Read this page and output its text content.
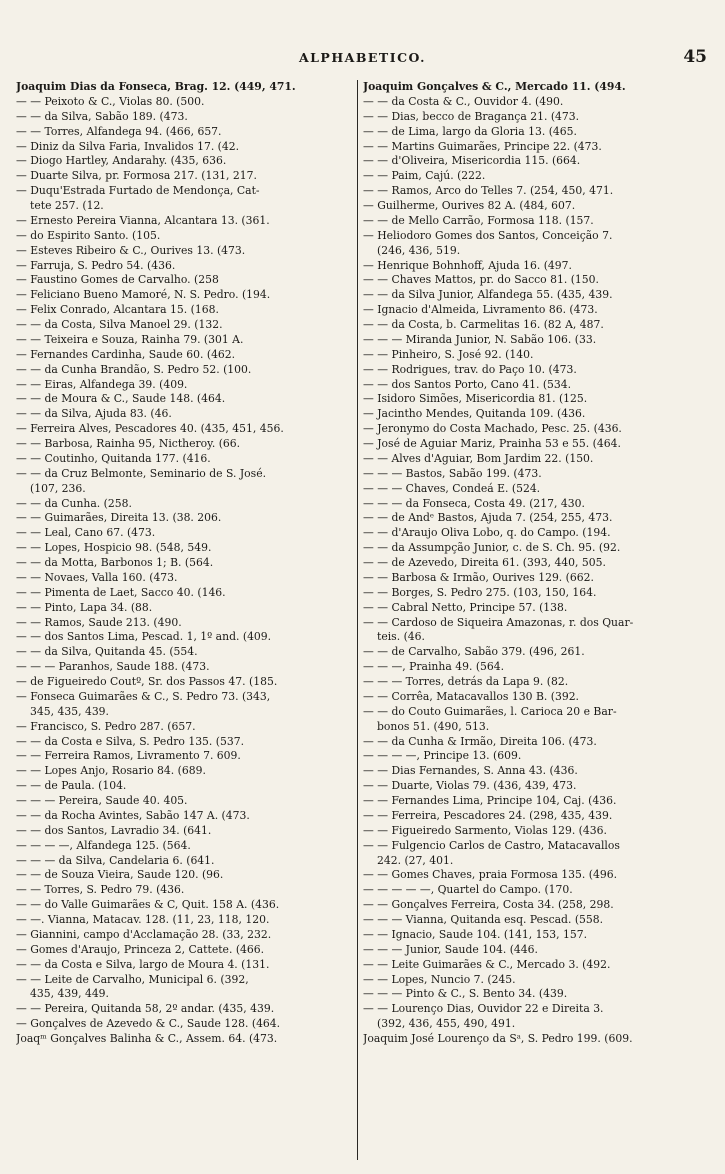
ALPHABETICO.	45
Joaquim Dias da Fonseca, Brag. 12. (449, 471.
— — Peixoto & C., Violas 80. (500.
— — da Silva, Sabão 189. (473.
— — Torres, Alfandega 94. (466, 657.
— Diniz da Silva Faria, Invalidos 17. (42.
— Diogo Hartley, Andarahy. (435, 636.
— Duarte Silva, pr. Formosa 217. (131, 217.
— Duqu'Estrada Furtado de Mendonça, Cat-
tete 257. (12.
— Ernesto Pereira Vianna, Alcantara 13. (361.
— do Espirito Santo. (105.
— Esteves Ribeiro & C., Ourives 13. (473.
— Farruja, S. Pedro 54. (436.
— Faustino Gomes de Carvalho. (258
— Feliciano Bueno Mamoré, N. S. Pedro. (194.
— Felix Conrado, Alcantara 15. (168.
— — da Costa, Silva Manoel 29. (132.
— — Teixeira e Souza, Rainha 79. (301 A.
— Fernandes Cardinha, Saude 60. (462.
— — da Cunha Brandão, S. Pedro 52. (100.
— — Eiras, Alfandega 39. (409.
— — de Moura & C., Saude 148. (464.
— — da Silva, Ajuda 83. (46.
— Ferreira Alves, Pescadores 40. (435, 451, 456.
— — Barbosa, Rainha 95, Nictheroy. (66.
— — Coutinho, Quitanda 177. (416.
— — da Cruz Belmonte, Seminario de S. José.
(107, 236.
— — da Cunha. (258.
— — Guimarães, Direita 13. (38. 206.
— — Leal, Cano 67. (473.
— — Lopes, Hospicio 98. (548, 549.
— — da Motta, Barbonos 1; B. (564.
— — Novaes, Valla 160. (473.
— — Pimenta de Laet, Sacco 40. (146.
— — Pinto, Lapa 34. (88.
— — Ramos, Saude 213. (490.
— — dos Santos Lima, Pescad. 1, 1º and. (409.
— — da Silva, Quitanda 45. (554.
— — — Paranhos, Saude 188. (473.
— de Figueiredo Coutº, Sr. dos Passos 47. (185.
— Fonseca Guimarães & C., S. Pedro 73. (343,
345, 435, 439.
— Francisco, S. Pedro 287. (657.
— — da Costa e Silva, S. Pedro 135. (537.
— — Ferreira Ramos, Livramento 7. 609.
— — Lopes Anjo, Rosario 84. (689.
— — de Paula. (104.
— — — Pereira, Saude 40. 405.
— — da Rocha Avintes, Sabão 147 A. (473.
— — dos Santos, Lavradio 34. (641.
— — — —, Alfandega 125. (564.
— — — da Silva, Candelaria 6. (641.
— — de Souza Vieira, Saude 120. (96.
— — Torres, S. Pedro 79. (436.
— — do Valle Guimarães & C, Quit. 158 A. (436.
— —. Vianna, Matacav. 128. (11, 23, 118, 120.
— Giannini, campo d'Acclamação 28. (33, 232.
— Gomes d'Araujo, Princeza 2, Cattete. (466.
— — da Costa e Silva, largo de Moura 4. (131.
— — Leite de Carvalho, Municipal 6. (392,
435, 439, 449.
— — Pereira, Quitanda 58, 2º andar. (435, 439.
— Gonçalves de Azevedo & C., Saude 128. (464.
Joaqᵐ Gonçalves Balinha & C., Assem. 64. (473.
Joaquim Gonçalves & C., Mercado 11. (494.
— — da Costa & C., Ouvidor 4. (490.
— — Dias, becco de Bragança 21. (473.
— — de Lima, largo da Gloria 13. (465.
— — Martins Guimarães, Principe 22. (473.
— — d'Oliveira, Misericordia 115. (664.
— — Paim, Cajú. (222.
— — Ramos, Arco do Telles 7. (254, 450, 471.
— Guilherme, Ourives 82 A. (484, 607.
— — de Mello Carrão, Formosa 118. (157.
— Heliodoro Gomes dos Santos, Conceição 7.
(246, 436, 519.
— Henrique Bohnhoff, Ajuda 16. (497.
— — Chaves Mattos, pr. do Sacco 81. (150.
— — da Silva Junior, Alfandega 55. (435, 439.
— Ignacio d'Almeida, Livramento 86. (473.
— — da Costa, b. Carmelitas 16. (82 A, 487.
— — — Miranda Junior, N. Sabão 106. (33.
— — Pinheiro, S. José 92. (140.
— — Rodrigues, trav. do Paço 10. (473.
— — dos Santos Porto, Cano 41. (534.
— Isidoro Simões, Misericordia 81. (125.
— Jacintho Mendes, Quitanda 109. (436.
— Jeronymo do Costa Machado, Pesc. 25. (436.
— José de Aguiar Mariz, Prainha 53 e 55. (464.
— — Alves d'Aguiar, Bom Jardim 22. (150.
— — — Bastos, Sabão 199. (473.
— — — Chaves, Condeá E. (524.
— — — da Fonseca, Costa 49. (217, 430.
— — de Andᵉ Bastos, Ajuda 7. (254, 255, 473.
— — d'Araujo Oliva Lobo, q. do Campo. (194.
— — da Assumpção Junior, c. de S. Ch. 95. (92.
— — de Azevedo, Direita 61. (393, 440, 505.
— — Barbosa & Irmão, Ourives 129. (662.
— — Borges, S. Pedro 275. (103, 150, 164.
— — Cabral Netto, Principe 57. (138.
— — Cardoso de Siqueira Amazonas, r. dos Quar-
teis. (46.
— — de Carvalho, Sabão 379. (496, 261.
— — —, Prainha 49. (564.
— — — Torres, detrás da Lapa 9. (82.
— — Corrêa, Matacavallos 130 B. (392.
— — do Couto Guimarães, l. Carioca 20 e Bar-
bonos 51. (490, 513.
— — da Cunha & Irmão, Direita 106. (473.
— — — —, Principe 13. (609.
— — Dias Fernandes, S. Anna 43. (436.
— — Duarte, Violas 79. (436, 439, 473.
— — Fernandes Lima, Principe 104, Caj. (436.
— — Ferreira, Pescadores 24. (298, 435, 439.
— — Figueiredo Sarmento, Violas 129. (436.
— — Fulgencio Carlos de Castro, Matacavallos
242. (27, 401.
— — Gomes Chaves, praia Formosa 135. (496.
— — — — —, Quartel do Campo. (170.
— — Gonçalves Ferreira, Costa 34. (258, 298.
— — — Vianna, Quitanda esq. Pescad. (558.
— — Ignacio, Saude 104. (141, 153, 157.
— — — Junior, Saude 104. (446.
— — Leite Guimarães & C., Mercado 3. (492.
— — Lopes, Nuncio 7. (245.
— — — Pinto & C., S. Bento 34. (439.
— — Lourenço Dias, Ouvidor 22 e Direita 3.
(392, 436, 455, 490, 491.
Joaquim José Lourenço da Sᵃ, S. Pedro 199. (609.
